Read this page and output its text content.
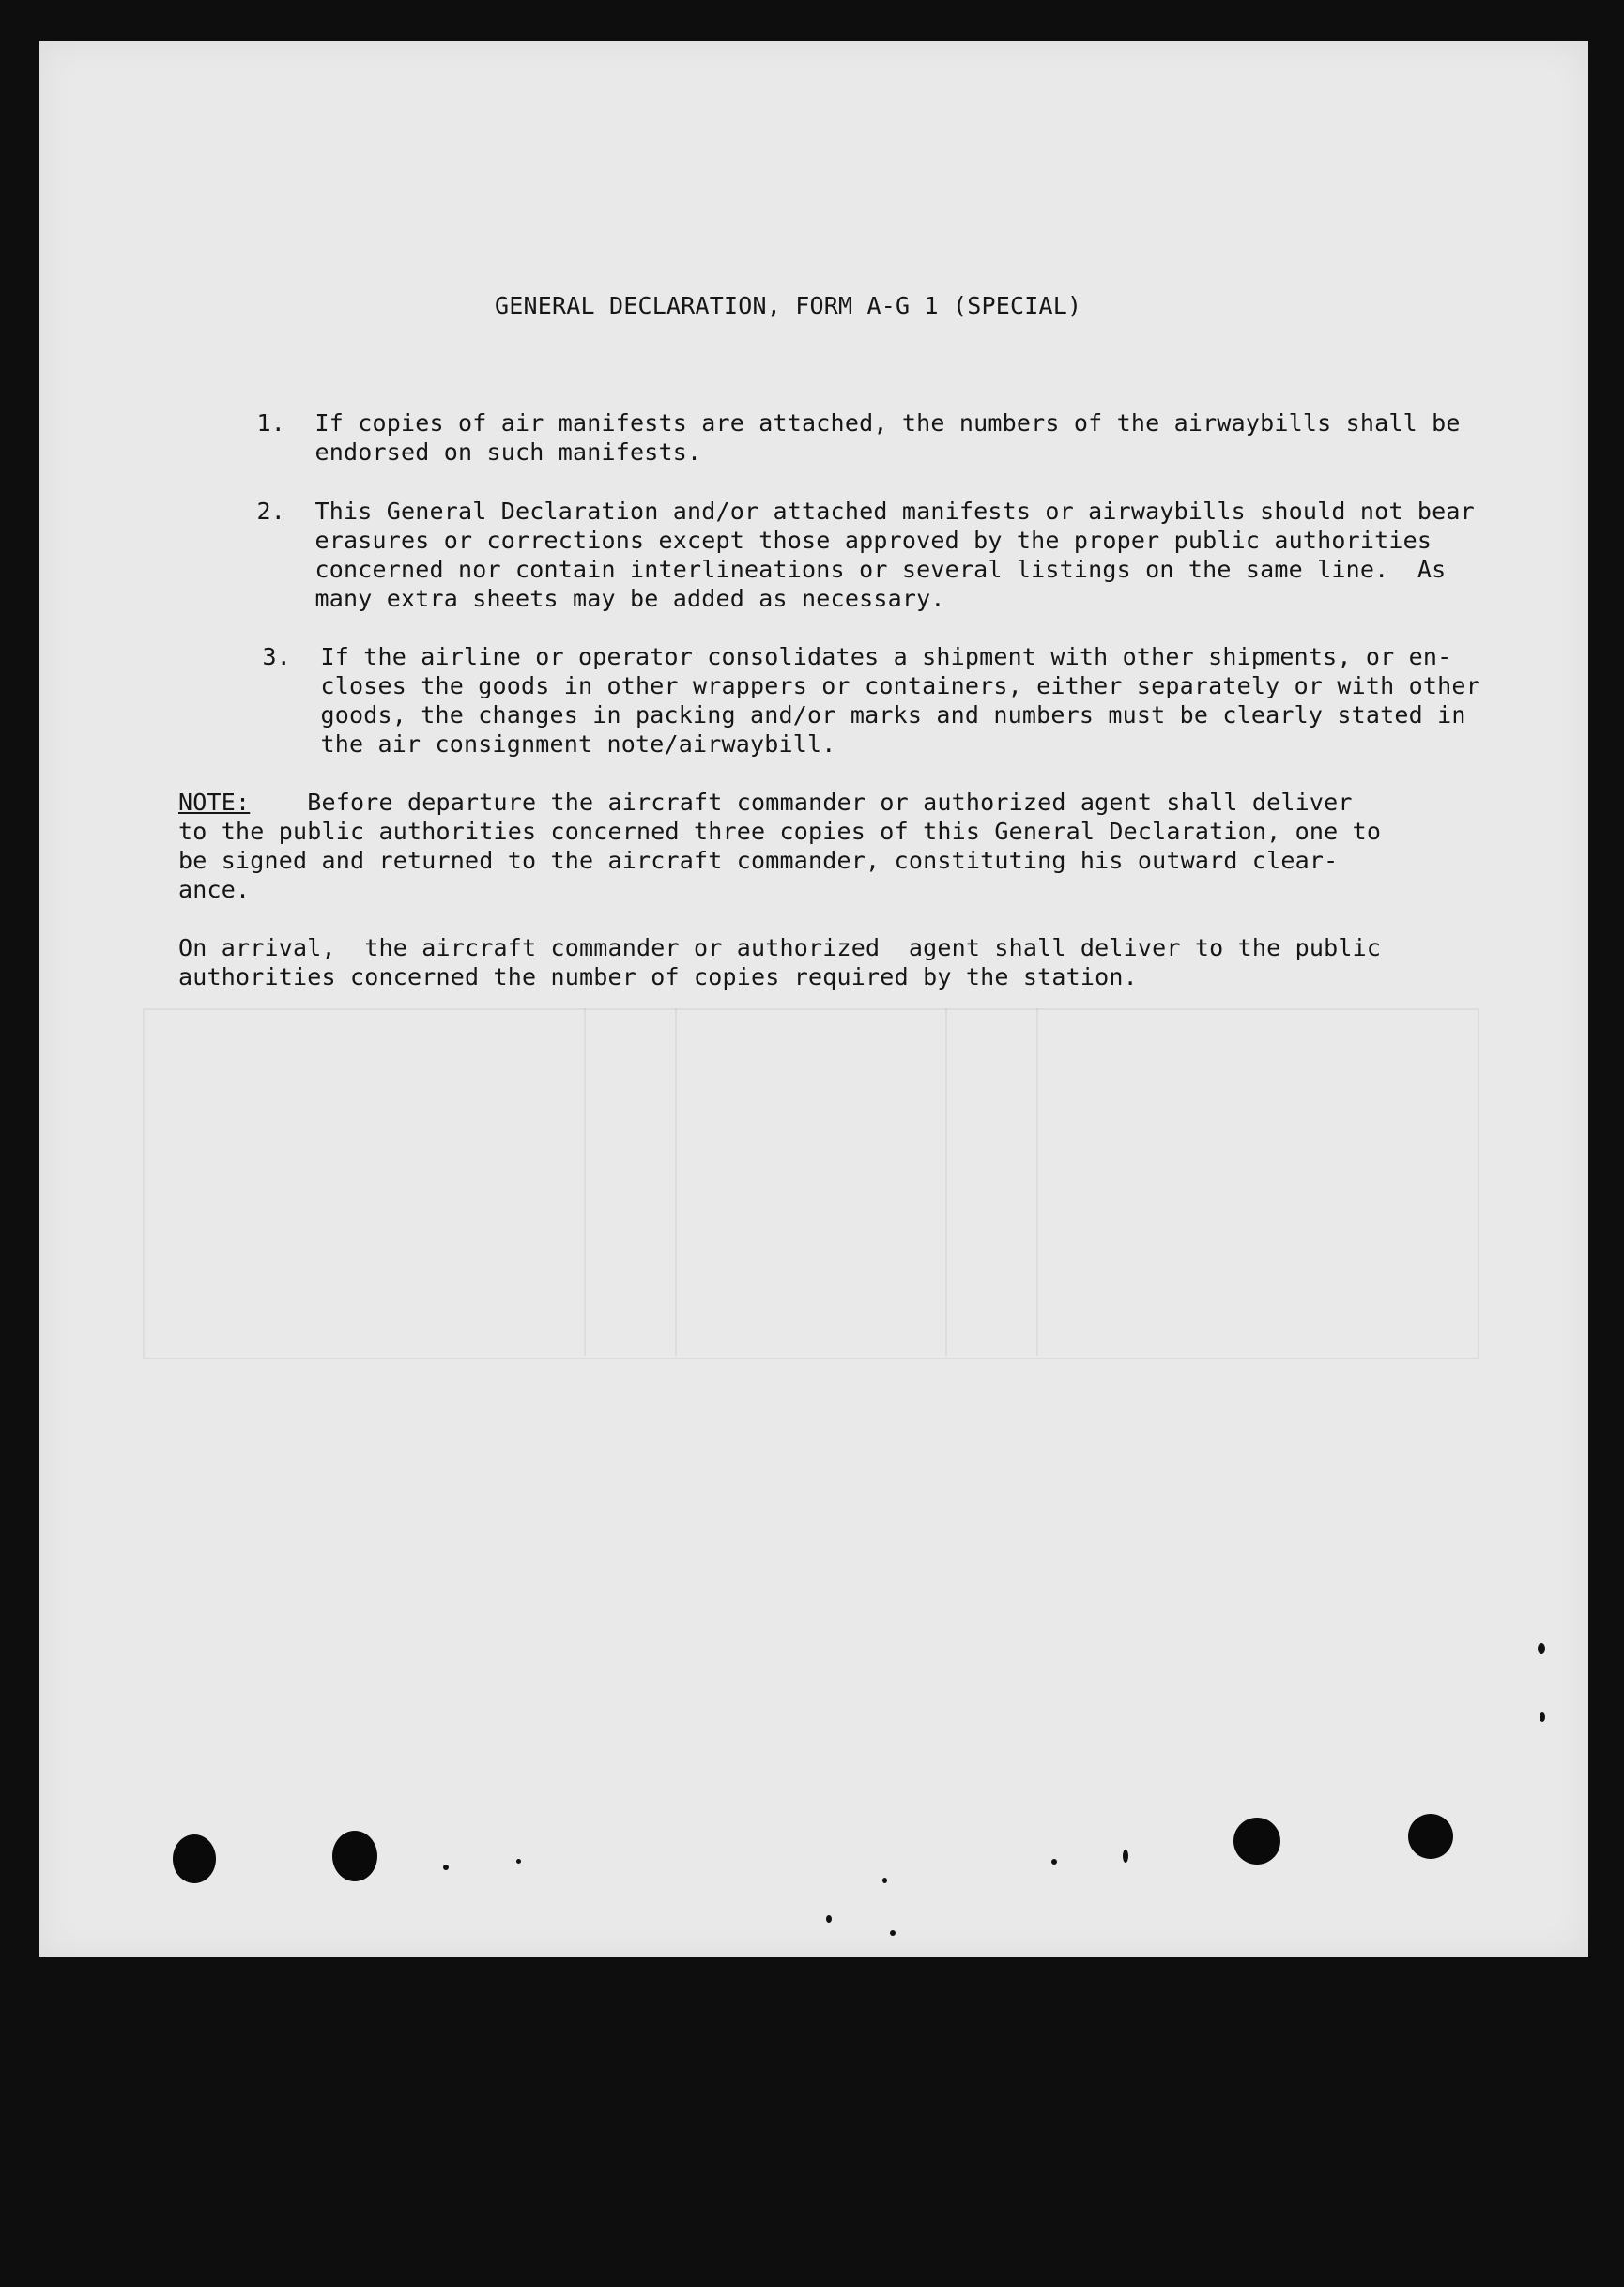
GENERAL DECLARATION, FORM A-G 1 (SPECIAL)

1. If copies of air manifests are attached, the numbers of the airwaybills shall be
endorsed on such manifests.

2. This General Declaration and/or attached manifests or airwaybills should not bear
erasures or corrections except those approved by the proper public authorities
concerned nor contain interlineations or several listings on the same line.  As
many extra sheets may be added as necessary.

3. If the airline or operator consolidates a shipment with other shipments, or en-
closes the goods in other wrappers or containers, either separately or with other
goods, the changes in packing and/or marks and numbers must be clearly stated in
the air consignment note/airwaybill.

NOTE:    Before departure the aircraft commander or authorized agent shall deliver
to the public authorities concerned three copies of this General Declaration, one to
be signed and returned to the aircraft commander, constituting his outward clear-
ance.
On arrival,  the aircraft commander or authorized  agent shall deliver to the public
authorities concerned the number of copies required by the station.
